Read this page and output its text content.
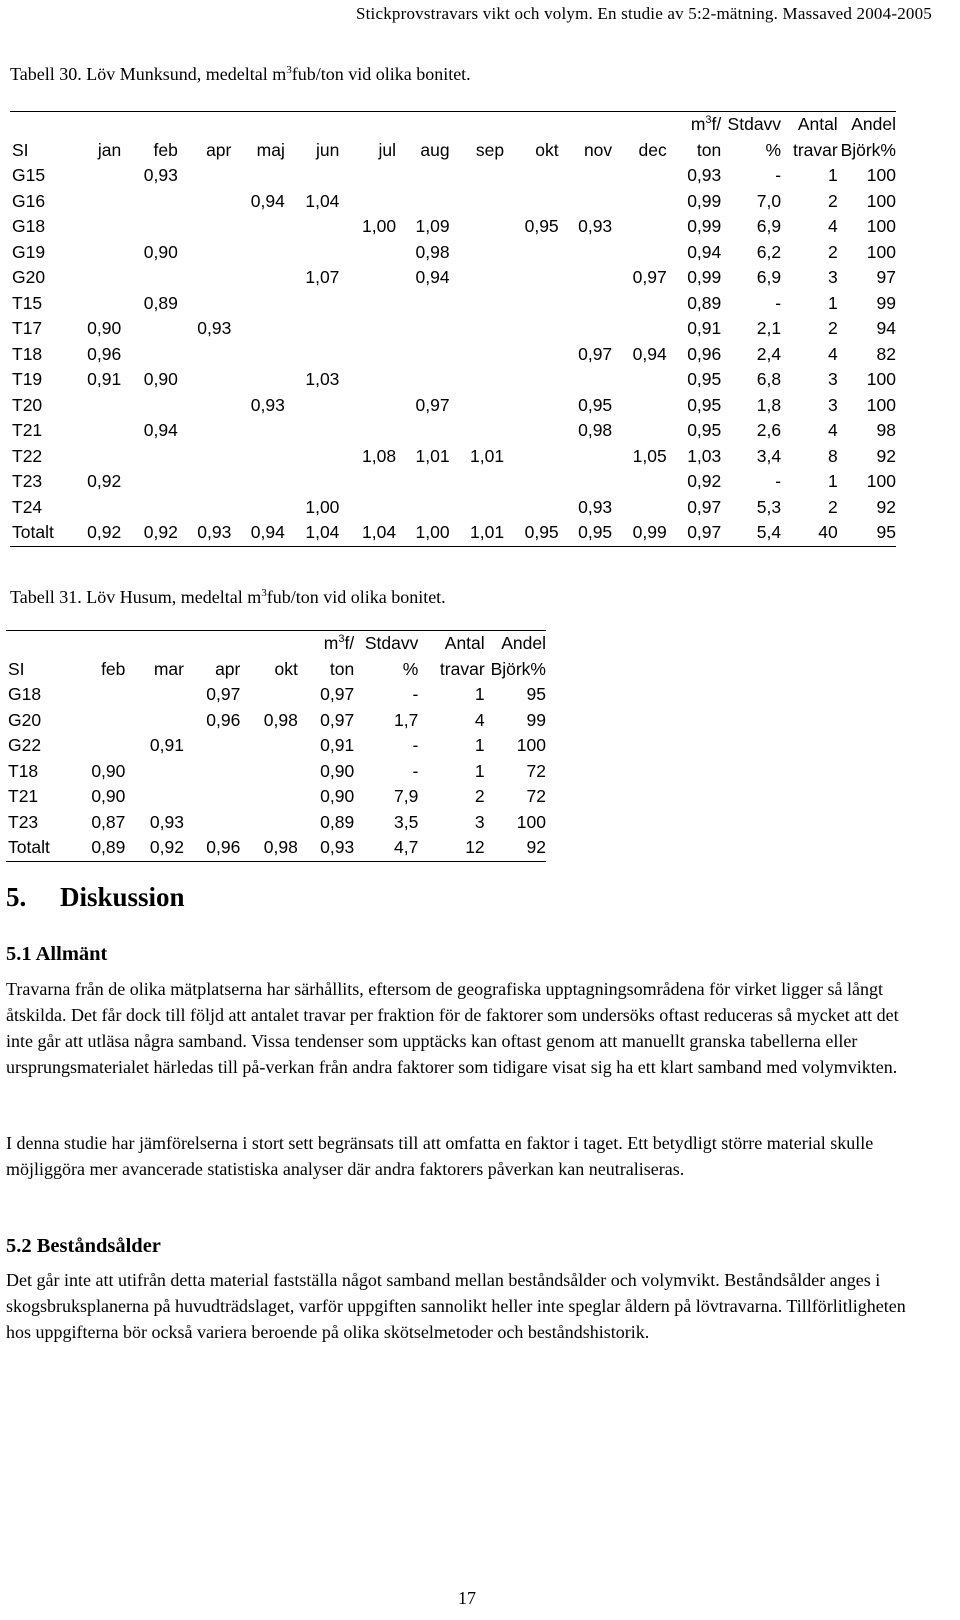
Stickprovstravars vikt och volym. En studie av 5:2-mätning. Massaved 2004-2005
Tabell 30. Löv Munksund, medeltal $m^3fub$/ton vid olika bonitet.
												$m^3f/$	Stdavv	Antal	Andel
SI	jan	feb	apr	maj	jun	jul	aug	sep	okt	nov	dec	ton	%	travar	Björk%
G15		0,93										0,93	-	1	100
G16				0,94	1,04							0,99	7,0	2	100
G18						1,00	1,09		0,95	0,93		0,99	6,9	4	100
G19		0,90					0,98					0,94	6,2	2	100
G20					1,07		0,94				0,97	0,99	6,9	3	97
T15		0,89										0,89	-	1	99
T17	0,90		0,93									0,91	2,1	2	94
T18	0,96									0,97	0,94	0,96	2,4	4	82
T19	0,91	0,90			1,03							0,95	6,8	3	100
T20				0,93			0,97			0,95		0,95	1,8	3	100
T21		0,94								0,98		0,95	2,6	4	98
T22						1,08	1,01	1,01			1,05	1,03	3,4	8	92
T23	0,92											0,92	-	1	100
T24					1,00					0,93		0,97	5,3	2	92
Totalt	0,92	0,92	0,93	0,94	1,04	1,04	1,00	1,01	0,95	0,95	0,99	0,97	5,4	40	95
Tabell 31. Löv Husum, medeltal $m^3fub$/ton vid olika bonitet.
					$m^3f/$	Stdavv	Antal	Andel
SI	feb	mar	apr	okt	ton	%	travar	Björk%
G18			0,97		0,97	-	1	95
G20			0,96	0,98	0,97	1,7	4	99
G22		0,91			0,91	-	1	100
T18	0,90				0,90	-	1	72
T21	0,90				0,90	7,9	2	72
T23	0,87	0,93			0,89	3,5	3	100
Totalt	0,89	0,92	0,96	0,98	0,93	4,7	12	92
5. Diskussion
5.1 Allmänt

Travarna från de olika mätplatserna har särhållits, eftersom de geografiska upptagningsområdena för virket ligger så långt åtskilda. Det får dock till följd att antalet travar per fraktion för de faktorer som undersöks oftast reduceras så mycket att det inte går att utläsa några samband. Vissa tendenser som upptäcks kan oftast genom att manuellt granska tabellerna eller ursprungsmaterialet härledas till på-verkan från andra faktorer som tidigare visat sig ha ett klart samband med volymvikten.

I denna studie har jämförelserna i stort sett begränsats till att omfatta en faktor i taget. Ett betydligt större material skulle möjliggöra mer avancerade statistiska analyser där andra faktorers påverkan kan neutraliseras.

5.2 Beståndsålder

Det går inte att utifrån detta material fastställa något samband mellan beståndsålder och volymvikt. Beståndsålder anges i skogsbruksplanerna på huvudträdslaget, varför uppgiften sannolikt heller inte speglar åldern på lövtravarna. Tillförlitligheten hos uppgifterna bör också variera beroende på olika skötselmetoder och beståndshistorik.

17
